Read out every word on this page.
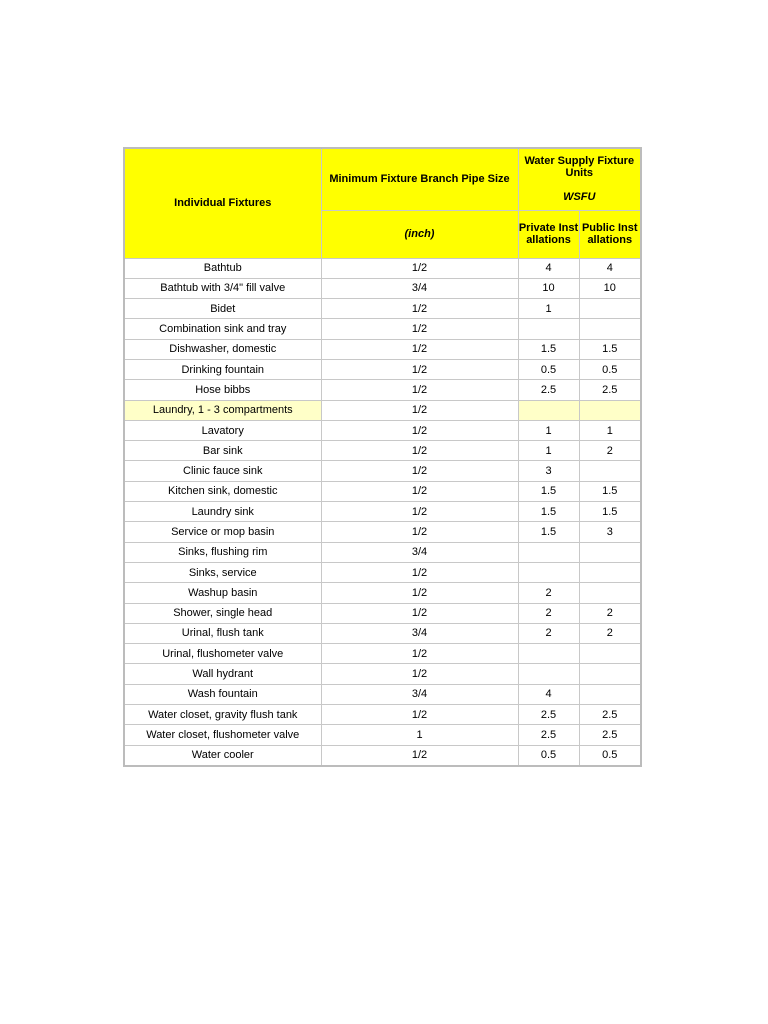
Individual Fixtures	Minimum Fixture Branch Pipe Size	Water Supply Fixture Units
WSFU	

	(inch)	Private Installations	Public Installations
Bathtub	1/2	4	4
Bathtub with 3/4" fill valve	3/4	10	10
Bidet	1/2	1	
Combination sink and tray	1/2		
Dishwasher, domestic	1/2	1.5	1.5
Drinking fountain	1/2	0.5	0.5
Hose bibbs	1/2	2.5	2.5
Laundry, 1 - 3 compartments	1/2		
Lavatory	1/2	1	1
Bar sink	1/2	1	2
Clinic fauce sink	1/2	3	
Kitchen sink, domestic	1/2	1.5	1.5
Laundry sink	1/2	1.5	1.5
Service or mop basin	1/2	1.5	3
Sinks, flushing rim	3/4		
Sinks, service	1/2		
Washup basin	1/2	2	
Shower, single head	1/2	2	2
Urinal, flush tank	3/4	2	2
Urinal, flushometer valve	1/2		
Wall hydrant	1/2		
Wash fountain	3/4	4	
Water closet, gravity flush tank	1/2	2.5	2.5
Water closet, flushometer valve	1	2.5	2.5
Water cooler	1/2	0.5	0.5
